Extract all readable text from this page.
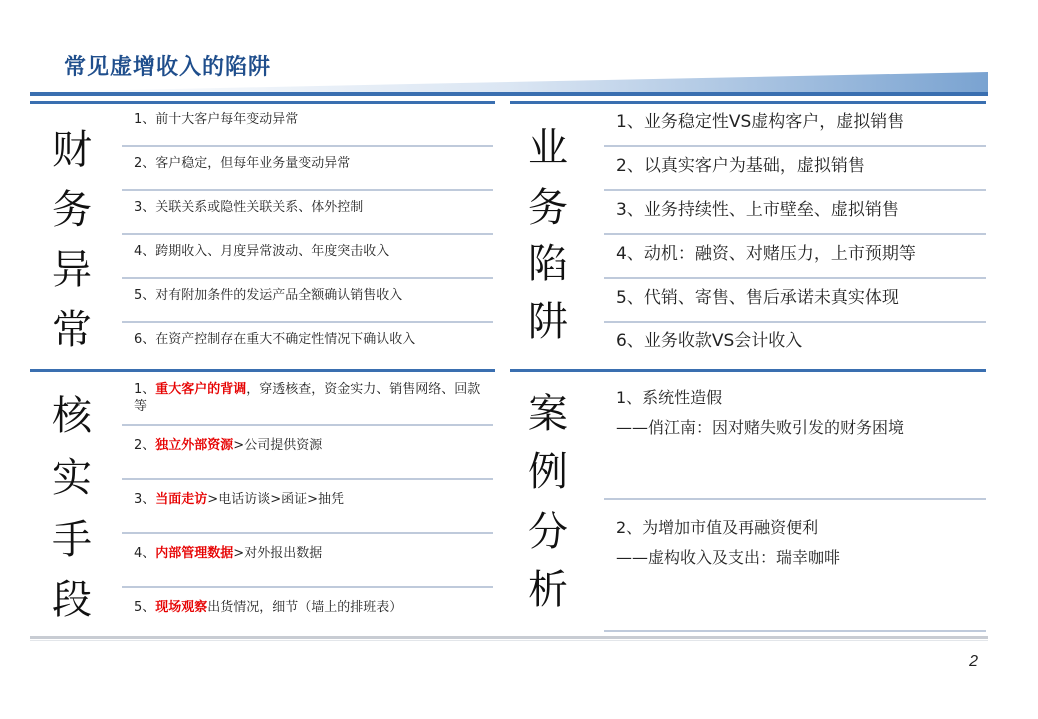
常见虚增收入的陷阱
财
务
异
常
1、前十大客户每年变动异常
2、客户稳定，但每年业务量变动异常
3、关联关系或隐性关联关系、体外控制
4、跨期收入、月度异常波动、年度突击收入
5、对有附加条件的发运产品全额确认销售收入
6、在资产控制存在重大不确定性情况下确认收入
业
务
陷
阱
1、业务稳定性VS虚构客户，虚拟销售
2、以真实客户为基础，虚拟销售
3、业务持续性、上市壁垒、虚拟销售
4、动机：融资、对赌压力，上市预期等
5、代销、寄售、售后承诺未真实体现
6、业务收款VS会计收入
核
实
手
段
1、重大客户的背调，穿透核查，资金实力、销售网络、回款等
2、独立外部资源>公司提供资源
3、当面走访>电话访谈>函证>抽凭
4、内部管理数据>对外报出数据
5、现场观察出货情况，细节（墙上的排班表）
案
例
分
析
1、系统性造假
——俏江南：因对赌失败引发的财务困境
2、为增加市值及再融资便利
——虚构收入及支出：瑞幸咖啡
2
